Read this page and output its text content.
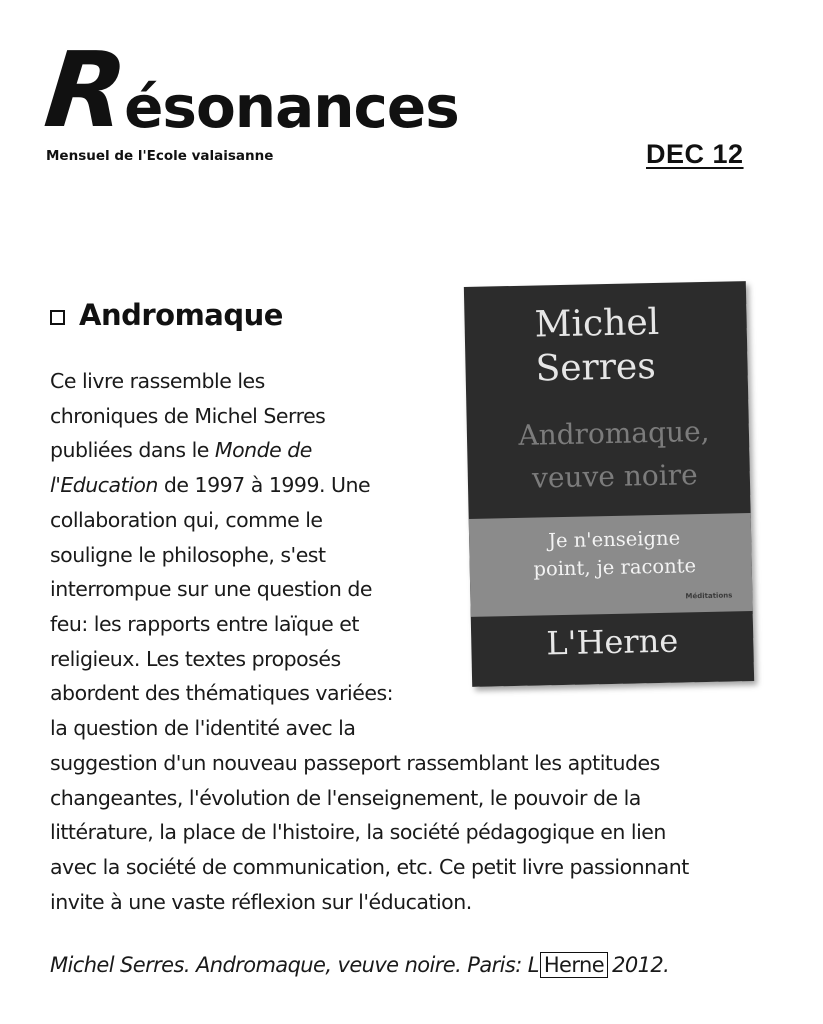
R
ésonances
Mensuel de l'Ecole valaisanne	DEC 12
Andromaque
Ce livre rassemble les
chroniques de Michel Serres
publiées dans le Monde de
l'Education de 1997 à 1999. Une
collaboration qui, comme le
souligne le philosophe, s'est
interrompue sur une question de
feu: les rapports entre laïque et
religieux. Les textes proposés
abordent des thématiques variées:
la question de l'identité avec la
suggestion d'un nouveau passeport rassemblant les aptitudes
changeantes, l'évolution de l'enseignement, le pouvoir de la
littérature, la place de l'histoire, la société pédagogique en lien
avec la société de communication, etc. Ce petit livre passionnant
invite à une vaste réflexion sur l'éducation.
Michel
Serres
Andromaque,
veuve noire
Je n'enseigne
point, je raconte
Méditations
L'Herne
Michel Serres. Andromaque, veuve noire. Paris: L Herne 2012.
